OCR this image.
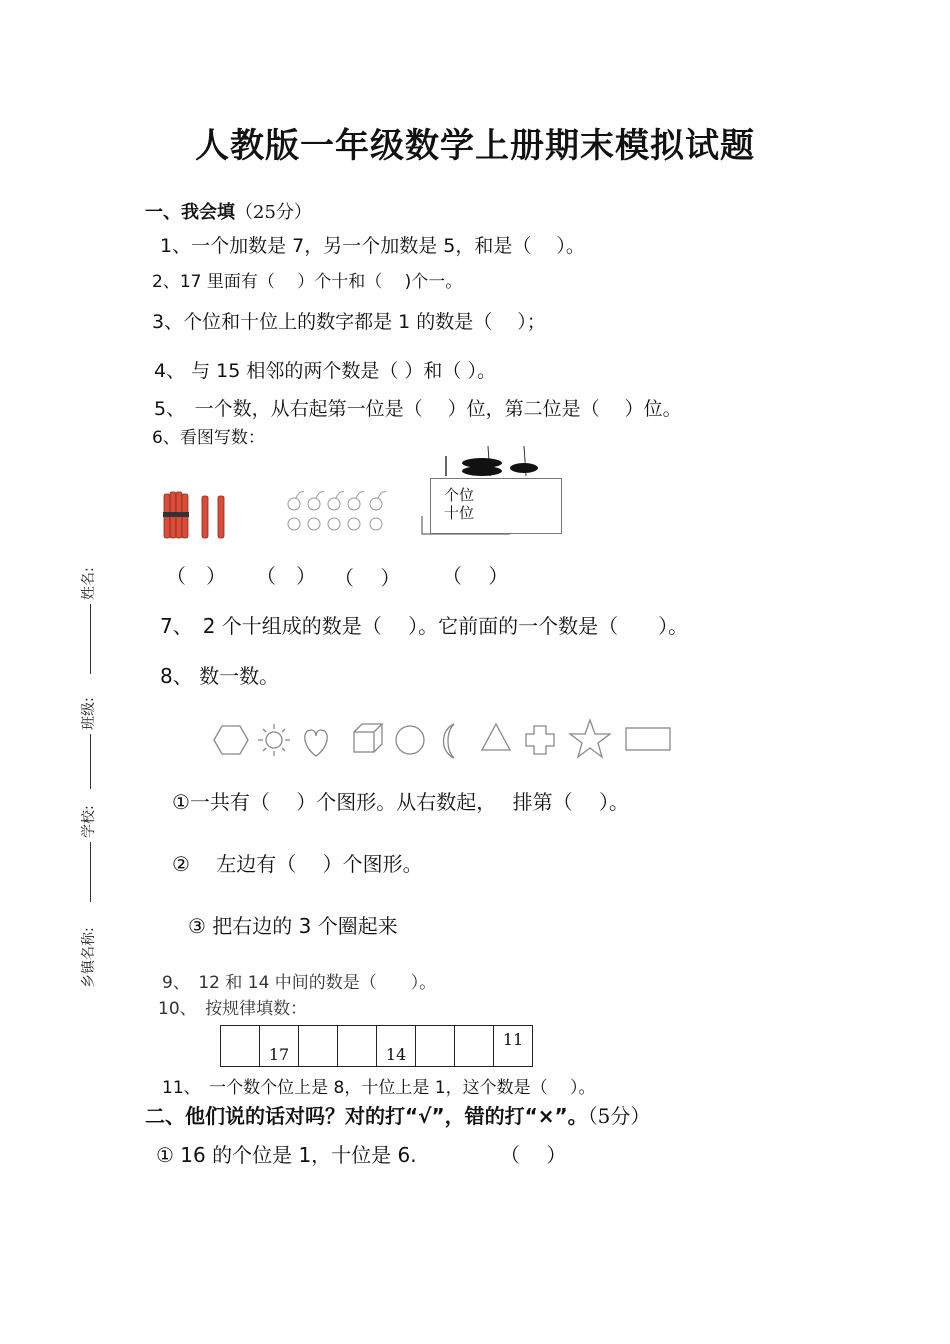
人教版一年级数学上册期末模拟试题
一、我会填（25分）
1、一个加数是 7，另一个加数是 5，和是（　 ）。
2、17 里面有（　 ）个十和（　 )个一。
3、个位和十位上的数字都是 1 的数是（　 ）；
4、 与 15 相邻的两个数是（ ）和（ ）。
5、　一个数，从右起第一位是（　 ）位，第二位是（　 ）位。
6、看图写数：
个位
十位
（　） （　） （　 ） （　 ）
7、　2 个十组成的数是（　 ）。它前面的一个数是（　　）。
8、 数一数。
①一共有（　 ）个图形。从右数起，　 排第（　 ）。
②　 左边有（　 ）个图形。
③ 把右边的 3 个圈起来
9、　12 和 14 中间的数是（　　）。
10、　按规律填数：
	17			14			11
11、　一个数个位上是 8，十位上是 1，这个数是（　 ）。
二、他们说的话对吗？对的打“√”，错的打“×”。（5分）
① 16 的个位是 1，十位是 6.	（　 ）
姓名:
班级:
学校:
乡镇名称:
